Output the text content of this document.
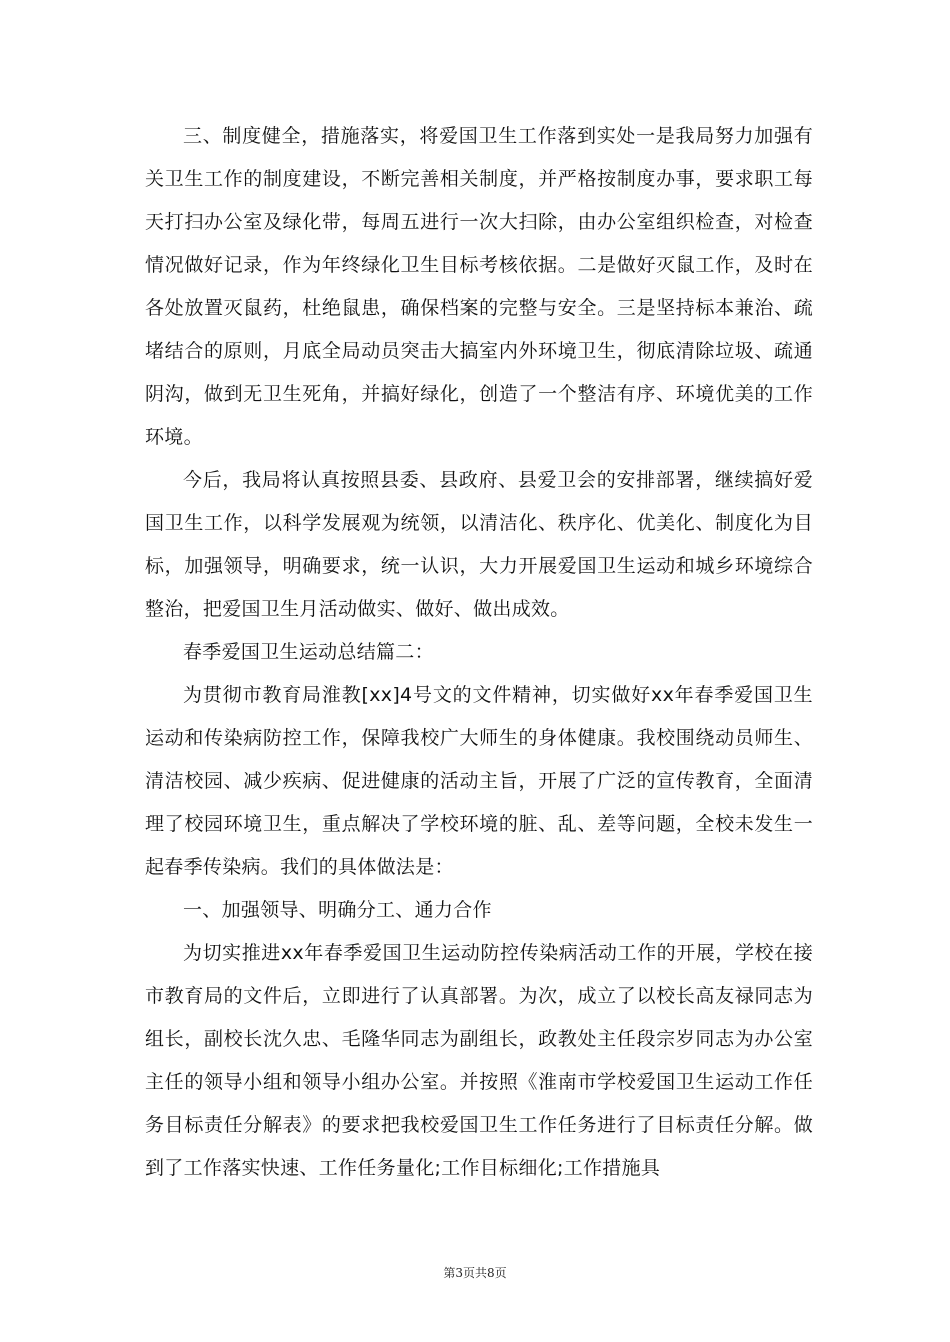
三、制度健全，措施落实，将爱国卫生工作落到实处一是我局努力加强有关卫生工作的制度建设，不断完善相关制度，并严格按制度办事，要求职工每天打扫办公室及绿化带，每周五进行一次大扫除，由办公室组织检查，对检查情况做好记录，作为年终绿化卫生目标考核依据。二是做好灭鼠工作，及时在各处放置灭鼠药，杜绝鼠患，确保档案的完整与安全。三是坚持标本兼治、疏堵结合的原则，月底全局动员突击大搞室内外环境卫生，彻底清除垃圾、疏通阴沟，做到无卫生死角，并搞好绿化，创造了一个整洁有序、环境优美的工作环境。

今后，我局将认真按照县委、县政府、县爱卫会的安排部署，继续搞好爱国卫生工作，以科学发展观为统领，以清洁化、秩序化、优美化、制度化为目标，加强领导，明确要求，统一认识，大力开展爱国卫生运动和城乡环境综合整治，把爱国卫生月活动做实、做好、做出成效。

春季爱国卫生运动总结篇二：

为贯彻市教育局淮教[xx]4号文的文件精神，切实做好xx年春季爱国卫生运动和传染病防控工作，保障我校广大师生的身体健康。我校围绕动员师生、清洁校园、减少疾病、促进健康的活动主旨，开展了广泛的宣传教育，全面清理了校园环境卫生，重点解决了学校环境的脏、乱、差等问题，全校未发生一起春季传染病。我们的具体做法是：

一、加强领导、明确分工、通力合作

为切实推进xx年春季爱国卫生运动防控传染病活动工作的开展，学校在接市教育局的文件后，立即进行了认真部署。为次，成立了以校长高友禄同志为组长，副校长沈久忠、毛隆华同志为副组长，政教处主任段宗岁同志为办公室主任的领导小组和领导小组办公室。并按照《淮南市学校爱国卫生运动工作任务目标责任分解表》的要求把我校爱国卫生工作任务进行了目标责任分解。做到了工作落实快速、工作任务量化;工作目标细化;工作措施具

第3页共8页
